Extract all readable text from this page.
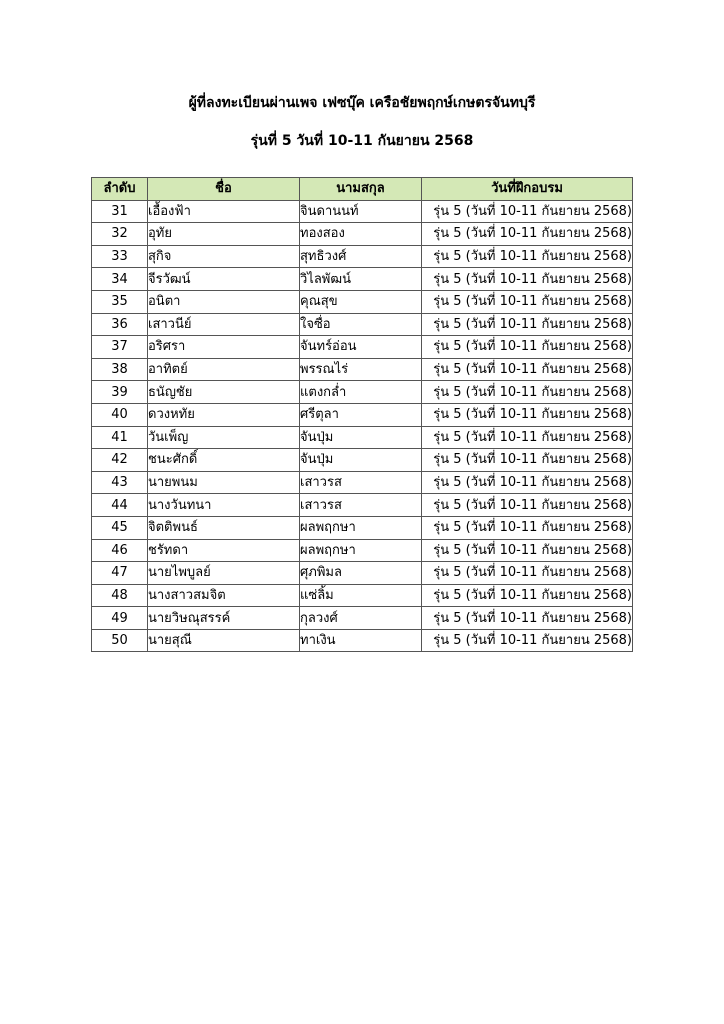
ผู้ที่ลงทะเบียนผ่านเพจ เฟซบุ๊ค เครือชัยพฤกษ์เกษตรจันทบุรี
รุ่นที่ 5 วันที่ 10-11 กันยายน 2568
ลำดับ	ชื่อ	นามสกุล	วันที่ฝึกอบรม
31	เอื้องฟ้า	จินดานนท์	รุ่น 5 (วันที่ 10-11 กันยายน 2568)
32	อุทัย	ทองสอง	รุ่น 5 (วันที่ 10-11 กันยายน 2568)
33	สุกิจ	สุทธิวงศ์	รุ่น 5 (วันที่ 10-11 กันยายน 2568)
34	จีรวัฒน์	วิไลพัฒน์	รุ่น 5 (วันที่ 10-11 กันยายน 2568)
35	อนิตา	คุณสุข	รุ่น 5 (วันที่ 10-11 กันยายน 2568)
36	เสาวนีย์	ใจซื่อ	รุ่น 5 (วันที่ 10-11 กันยายน 2568)
37	อริศรา	จันทร์อ่อน	รุ่น 5 (วันที่ 10-11 กันยายน 2568)
38	อาทิตย์	พรรณไร่	รุ่น 5 (วันที่ 10-11 กันยายน 2568)
39	ธนัญชัย	แตงกล่ำ	รุ่น 5 (วันที่ 10-11 กันยายน 2568)
40	ดวงหทัย	ศรีตุลา	รุ่น 5 (วันที่ 10-11 กันยายน 2568)
41	วันเพ็ญ	จันปุ่ม	รุ่น 5 (วันที่ 10-11 กันยายน 2568)
42	ชนะศักดิ์	จันปุ่ม	รุ่น 5 (วันที่ 10-11 กันยายน 2568)
43	นายพนม	เสาวรส	รุ่น 5 (วันที่ 10-11 กันยายน 2568)
44	นางวันทนา	เสาวรส	รุ่น 5 (วันที่ 10-11 กันยายน 2568)
45	จิตติพนธ์	ผลพฤกษา	รุ่น 5 (วันที่ 10-11 กันยายน 2568)
46	ชรัทดา	ผลพฤกษา	รุ่น 5 (วันที่ 10-11 กันยายน 2568)
47	นายไพบูลย์	ศุภพิมล	รุ่น 5 (วันที่ 10-11 กันยายน 2568)
48	นางสาวสมจิต	แซ่ลิ้ม	รุ่น 5 (วันที่ 10-11 กันยายน 2568)
49	นายวิษณุสรรค์	กุลวงศ์	รุ่น 5 (วันที่ 10-11 กันยายน 2568)
50	นายสุณี	ทาเงิน	รุ่น 5 (วันที่ 10-11 กันยายน 2568)
